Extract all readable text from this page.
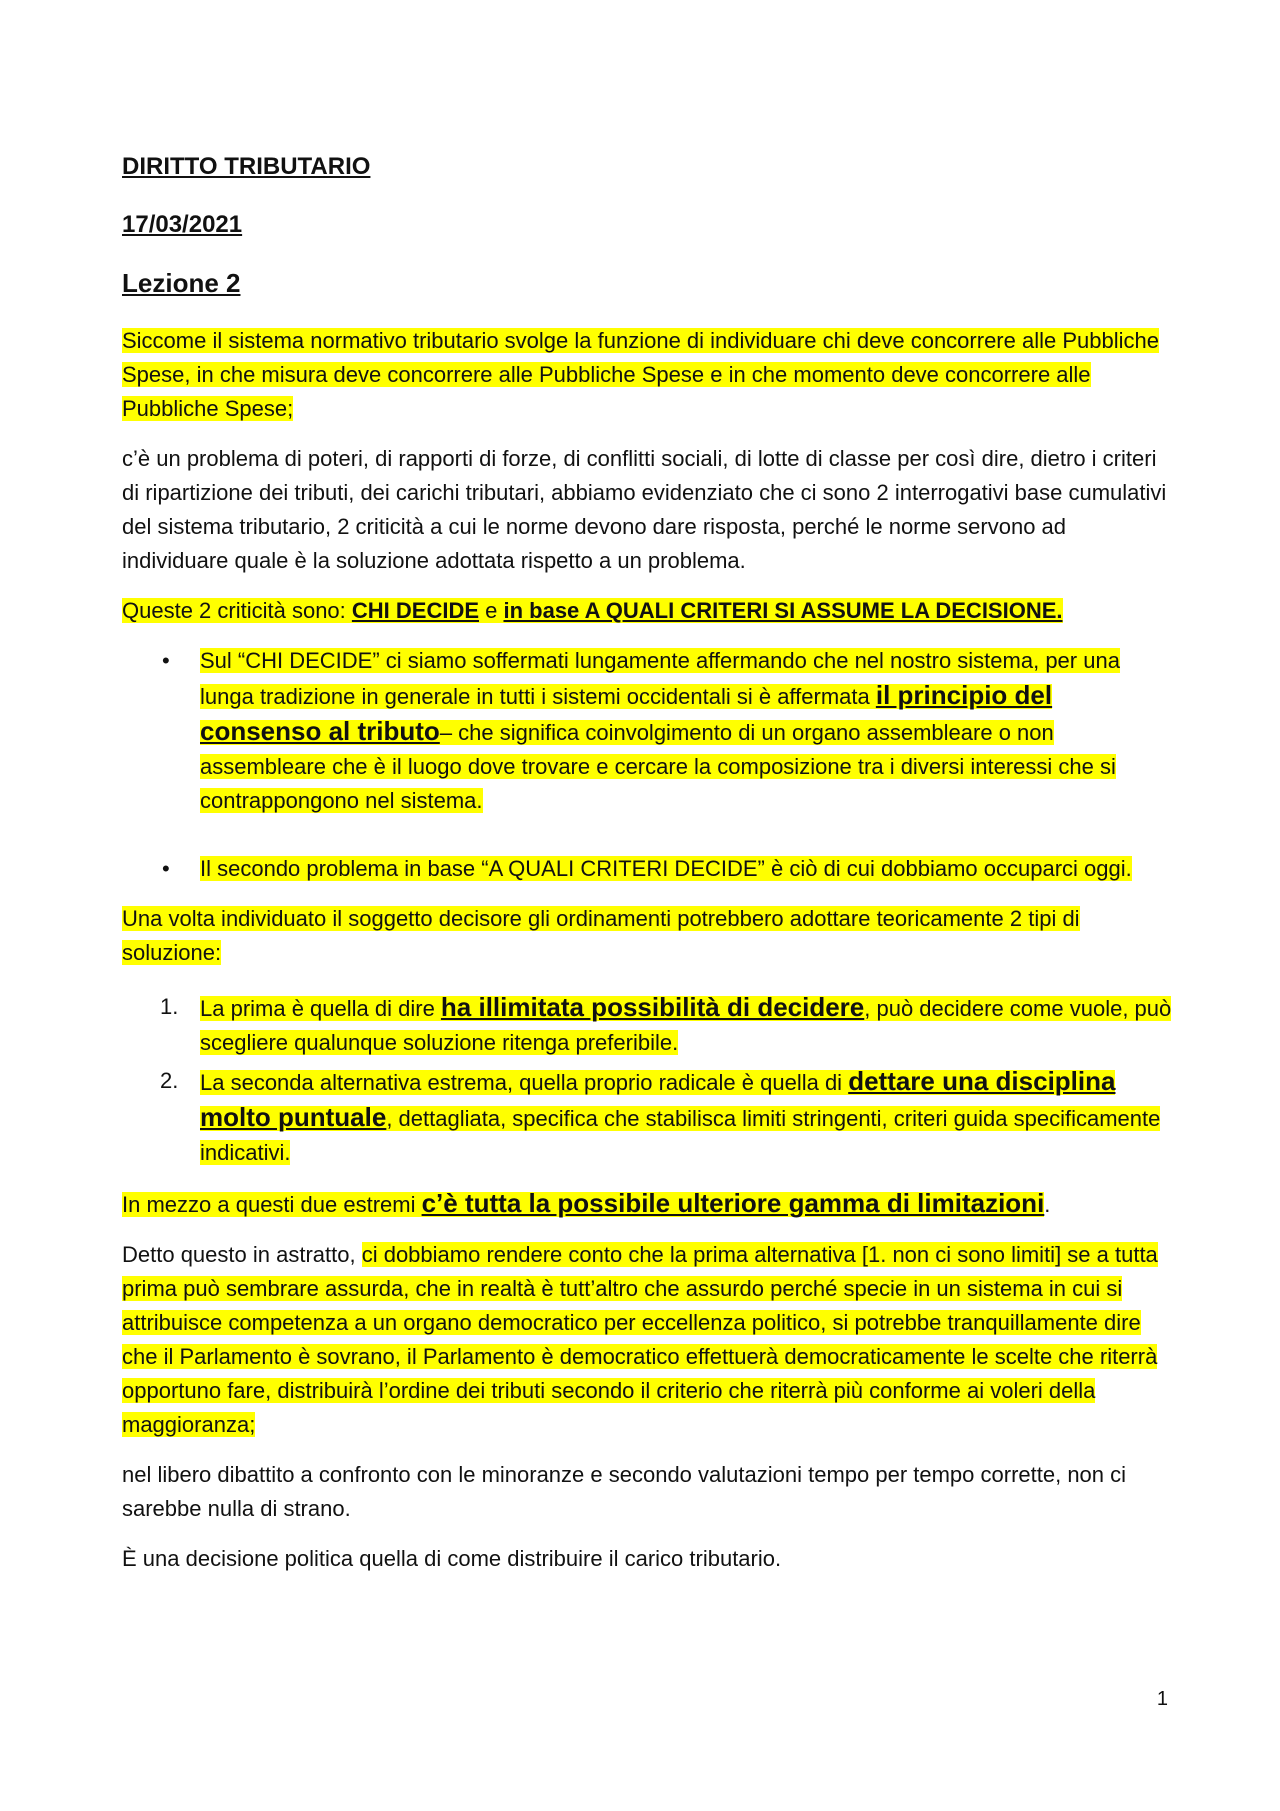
DIRITTO TRIBUTARIO
17/03/2021
Lezione 2

Siccome il sistema normativo tributario svolge la funzione di individuare chi deve concorrere alle Pubbliche Spese, in che misura deve concorrere alle Pubbliche Spese e in che momento deve concorrere alle Pubbliche Spese;

c’è un problema di poteri, di rapporti di forze, di conflitti sociali, di lotte di classe per così dire, dietro i criteri di ripartizione dei tributi, dei carichi tributari, abbiamo evidenziato che ci sono 2 interrogativi base cumulativi del sistema tributario, 2 criticità a cui le norme devono dare risposta, perché le norme servono ad individuare quale è la soluzione adottata rispetto a un problema.

Queste 2 criticità sono: CHI DECIDE e in base A QUALI CRITERI SI ASSUME LA DECISIONE.

• Sul “CHI DECIDE” ci siamo soffermati lungamente affermando che nel nostro sistema, per una lunga tradizione in generale in tutti i sistemi occidentali si è affermata il principio del consenso al tributo– che significa coinvolgimento di un organo assembleare o non assembleare che è il luogo dove trovare e cercare la composizione tra i diversi interessi che si contrappongono nel sistema.
• Il secondo problema in base “A QUALI CRITERI DECIDE” è ciò di cui dobbiamo occuparci oggi.

Una volta individuato il soggetto decisore gli ordinamenti potrebbero adottare teoricamente 2 tipi di soluzione:

1. La prima è quella di dire ha illimitata possibilità di decidere, può decidere come vuole, può scegliere qualunque soluzione ritenga preferibile.
2. La seconda alternativa estrema, quella proprio radicale è quella di dettare una disciplina molto puntuale, dettagliata, specifica che stabilisca limiti stringenti, criteri guida specificamente indicativi.

In mezzo a questi due estremi c’è tutta la possibile ulteriore gamma di limitazioni.

Detto questo in astratto, ci dobbiamo rendere conto che la prima alternativa [1. non ci sono limiti] se a tutta prima può sembrare assurda, che in realtà è tutt’altro che assurdo perché specie in un sistema in cui si attribuisce competenza a un organo democratico per eccellenza politico, si potrebbe tranquillamente dire che il Parlamento è sovrano, il Parlamento è democratico effettuerà democraticamente le scelte che riterrà opportuno fare, distribuirà l’ordine dei tributi secondo il criterio che riterrà più conforme ai voleri della maggioranza;

nel libero dibattito a confronto con le minoranze e secondo valutazioni tempo per tempo corrette, non ci sarebbe nulla di strano.

È una decisione politica quella di come distribuire il carico tributario.

1
